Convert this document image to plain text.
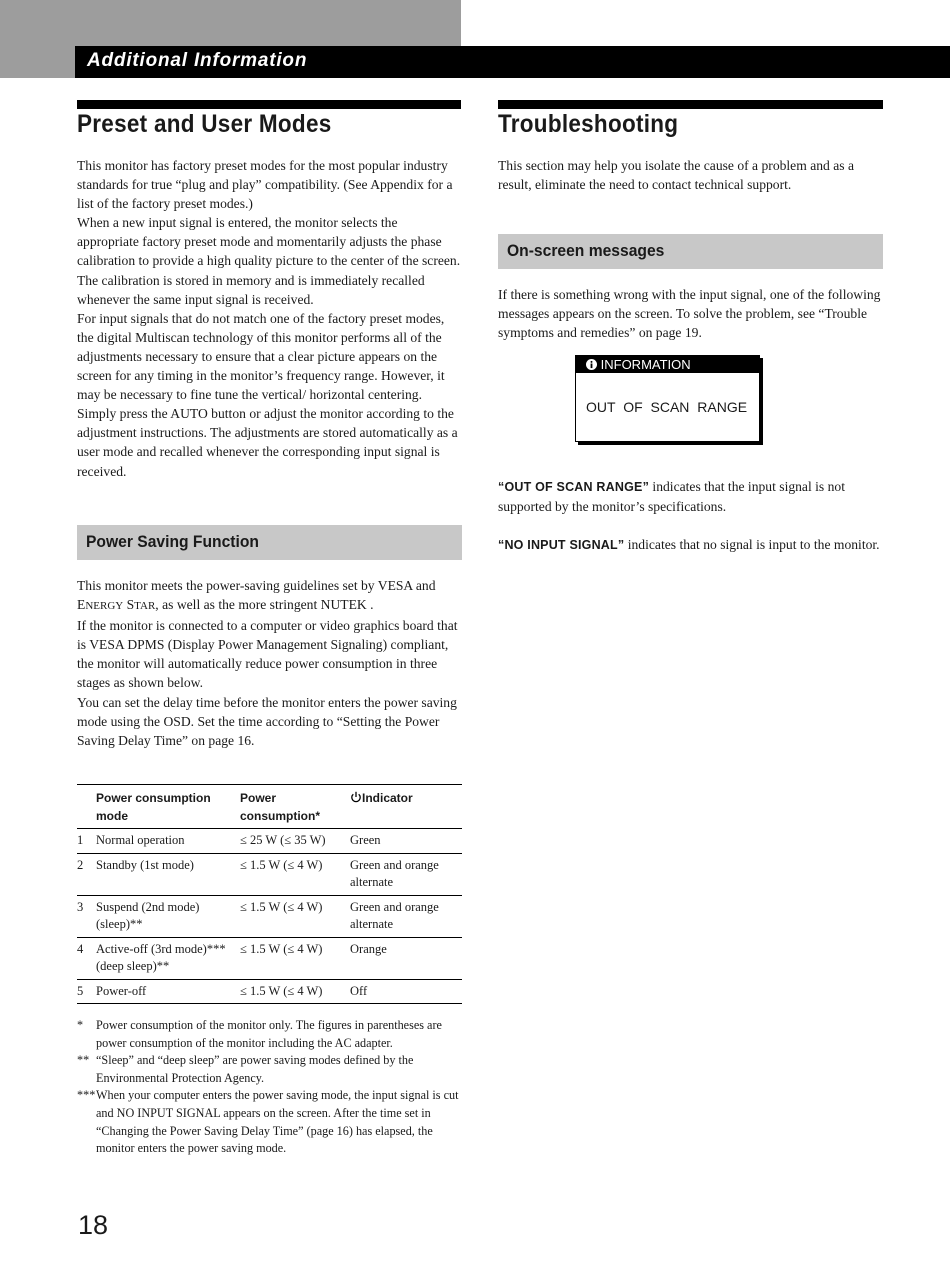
Additional Information
Preset and User Modes

This monitor has factory preset modes for the most popular industry standards for true “plug and play” compatibility. (See Appendix for a list of the factory preset modes.)

When a new input signal is entered, the monitor selects the appropriate factory preset mode and momentarily adjusts the phase calibration to provide a high quality picture to the center of the screen. The calibration is stored in memory and is immediately recalled whenever the same input signal is received.

For input signals that do not match one of the factory preset modes, the digital Multiscan technology of this monitor performs all of the adjustments necessary to ensure that a clear picture appears on the screen for any timing in the monitor’s frequency range. However, it may be necessary to fine tune the vertical/ horizontal centering. Simply press the AUTO button or adjust the monitor according to the adjustment instructions. The adjustments are stored automatically as a user mode and recalled whenever the corresponding input signal is received.

Power Saving Function

This monitor meets the power-saving guidelines set by VESA and ENERGY STAR, as well as the more stringent NUTEK .

If the monitor is connected to a computer or video graphics board that is VESA DPMS (Display Power Management Signaling) compliant, the monitor will automatically reduce power consumption in three stages as shown below.

You can set the delay time before the monitor enters the power saving mode using the OSD. Set the time according to “Setting the Power Saving Delay Time” on page 16.

	Power consumption mode	Power consumption*	Indicator
1	Normal operation	≤ 25 W (≤ 35 W)	Green
2	Standby (1st mode)	≤ 1.5 W (≤ 4 W)	Green and orange alternate
3	Suspend (2nd mode) (sleep)**	≤ 1.5 W (≤ 4 W)	Green and orange alternate
4	Active-off (3rd mode)*** (deep sleep)**	≤ 1.5 W (≤ 4 W)	Orange
5	Power-off	≤ 1.5 W (≤ 4 W)	Off
*	Power consumption of the monitor only. The figures in parentheses are power consumption of the monitor including the AC adapter.
** “Sleep” and “deep sleep” are power saving modes defined by the Environmental Protection Agency.
*** When your computer enters the power saving mode, the input signal is cut and NO INPUT SIGNAL appears on the screen. After the time set in “Changing the Power Saving Delay Time” (page 16) has elapsed, the monitor enters the power saving mode.
Troubleshooting
This section may help you isolate the cause of a problem and as a result, eliminate the need to contact technical support.
On-screen messages
If there is something wrong with the input signal, one of the following messages appears on the screen. To solve the problem, see “Trouble symptoms and remedies” on page 19.
INFORMATION
OUT OF SCAN RANGE
“OUT OF SCAN RANGE” indicates that the input signal is not supported by the monitor’s specifications.
“NO INPUT SIGNAL” indicates that no signal is input to the monitor.
18
